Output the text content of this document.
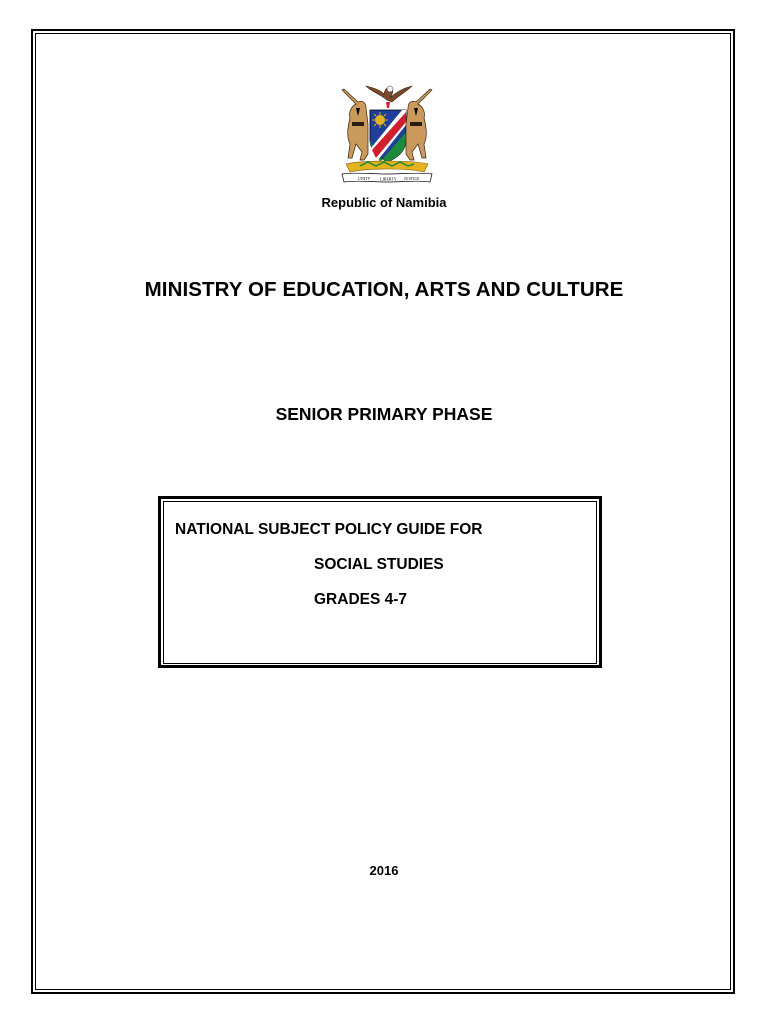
UNITY LIBERTY JUSTICE
Republic of Namibia
MINISTRY OF EDUCATION, ARTS AND CULTURE
SENIOR PRIMARY PHASE
NATIONAL SUBJECT POLICY GUIDE FOR
SOCIAL STUDIES
GRADES 4-7
2016
